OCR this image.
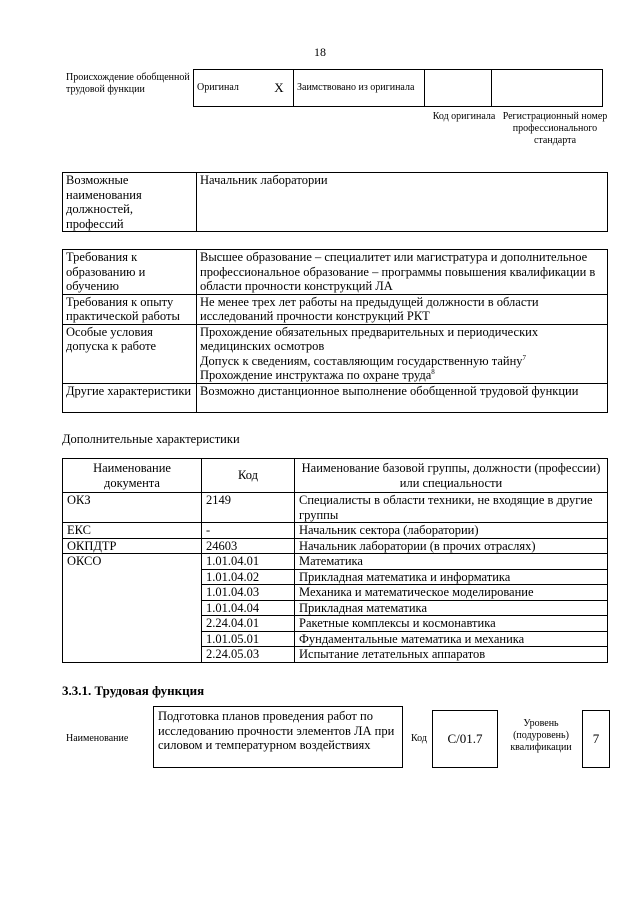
18
Происхождение обобщенной трудовой функции	Оригинал	X	Заимствовано из оригинала		
Код оригинала Регистрационный номер профессионального стандарта
Возможные наименования должностей, профессий	Начальник лаборатории
Требования к образованию и обучению	Высшее образование – специалитет или магистратура и дополнительное профессиональное образование – программы повышения квалификации в области прочности конструкций ЛА
Требования к опыту практической работы	Не менее трех лет работы на предыдущей должности в области исследований прочности конструкций РКТ
Особые условия допуска к работе	Прохождение обязательных предварительных и периодических медицинских осмотров
Допуск к сведениям, составляющим государственную тайну$^7$
Прохождение инструктажа по охране труда$^8$

Другие характеристики	Возможно дистанционное выполнение обобщенной трудовой функции
Дополнительные характеристики
Наименование документа	Код	Наименование базовой группы, должности (профессии) или специальности
ОКЗ	2149	Специалисты в области техники, не входящие в другие группы
ЕКС	-	Начальник сектора (лаборатории)
ОКПДТР	24603	Начальник лаборатории (в прочих отраслях)
ОКСО	1.01.04.01	Математика
	1.01.04.02	Прикладная математика и информатика
	1.01.04.03	Механика и математическое моделирование
	1.01.04.04	Прикладная математика
	2.24.04.01	Ракетные комплексы и космонавтика
	1.01.05.01	Фундаментальные математика и механика
	2.24.05.03	Испытание летательных аппаратов
3.3.1. Трудовая функция
Наименование
Подготовка планов проведения работ по исследованию прочности элементов ЛА при силовом и температурном воздействиях	Код	C/01.7
Уровень (подуровень) квалификации
7
